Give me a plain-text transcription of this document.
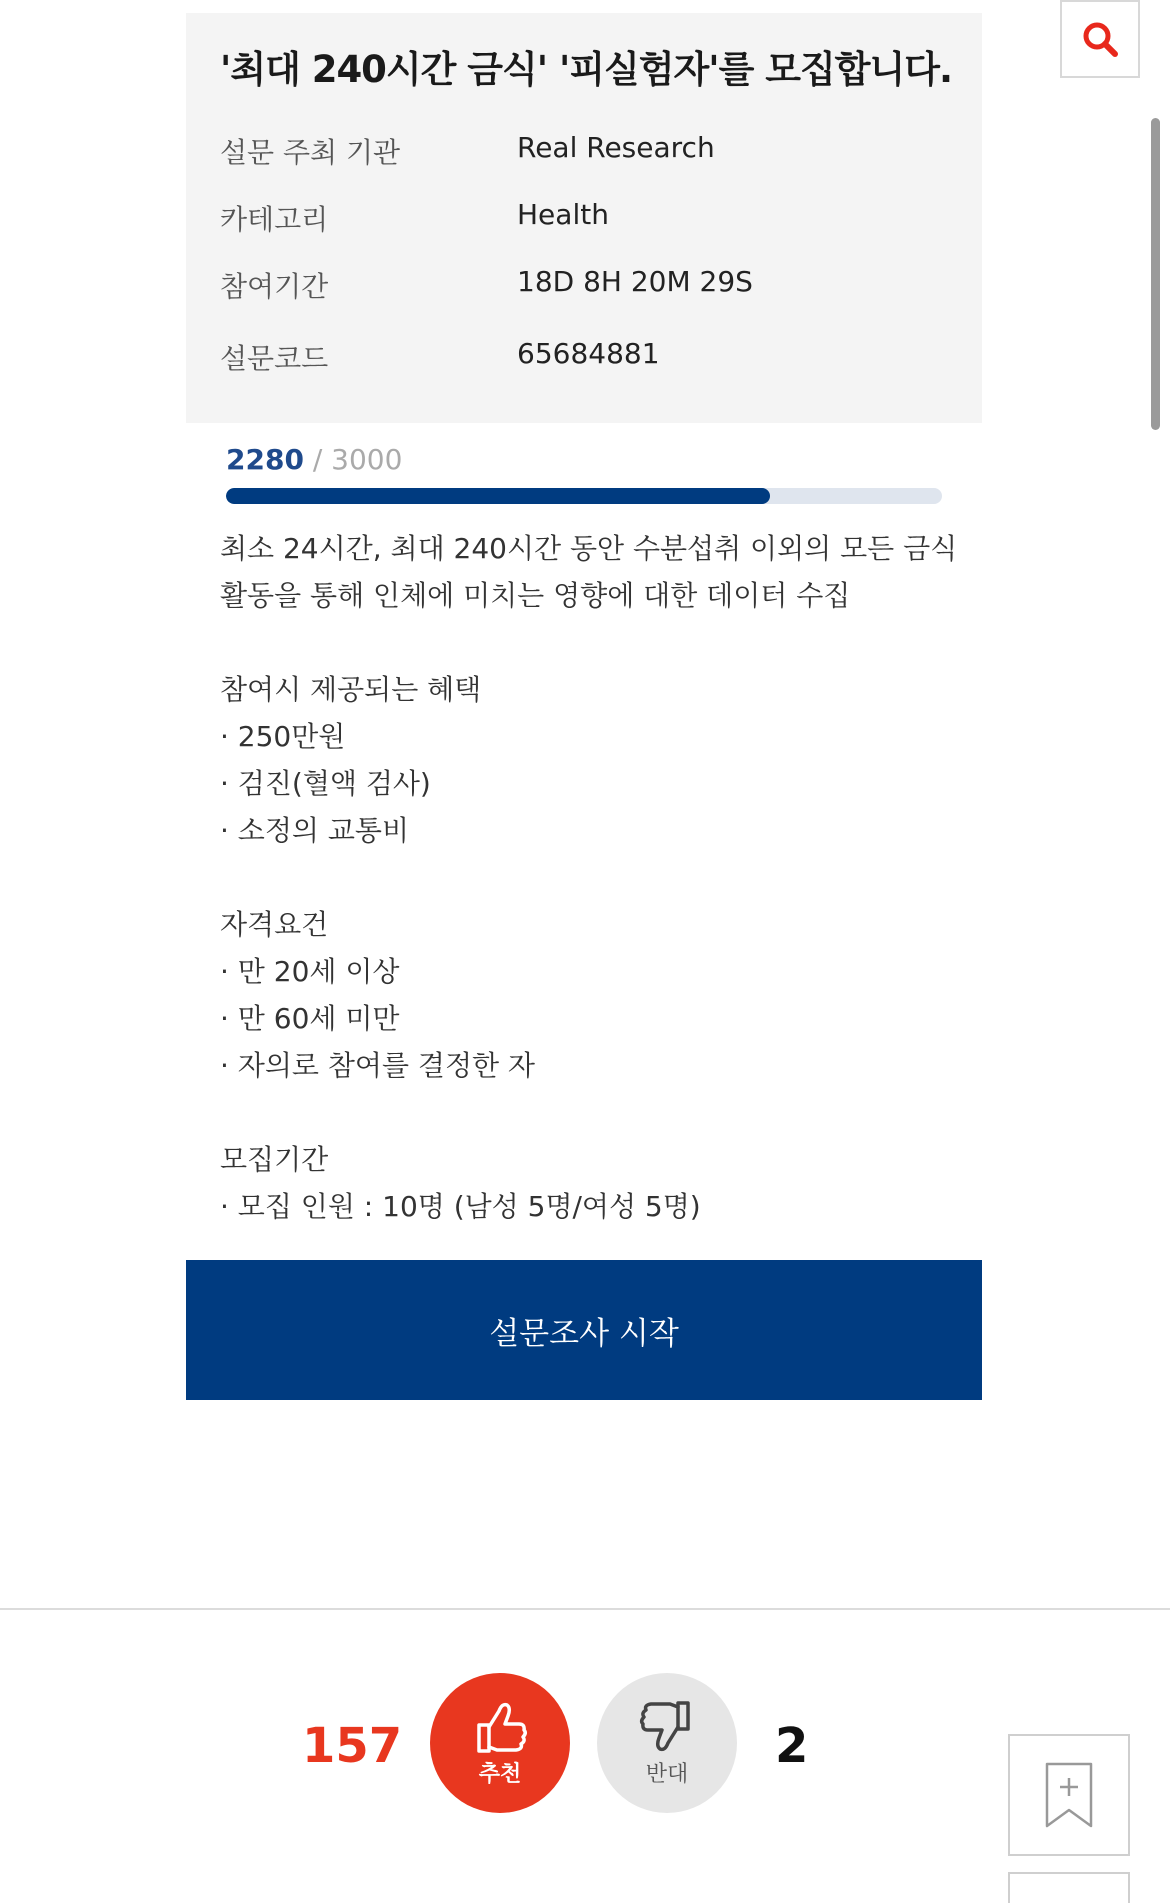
'최대 240시간 금식' '피실험자'를 모집합니다.
설문 주최 기관	Real Research
카테고리	Health
참여기간	18D 8H 20M 29S
설문코드	65684881
2280 / 3000
최소 24시간, 최대 240시간 동안 수분섭취 이외의 모든 금식
활동을 통해 인체에 미치는 영향에 대한 데이터 수집
참여시 제공되는 혜택
· 250만원
· 검진(혈액 검사)
· 소정의 교통비
자격요건
· 만 20세 이상
· 만 60세 미만
· 자의로 참여를 결정한 자
모집기간
· 모집 인원 : 10명 (남성 5명/여성 5명)
설문조사 시작
157	추천	반대 2
